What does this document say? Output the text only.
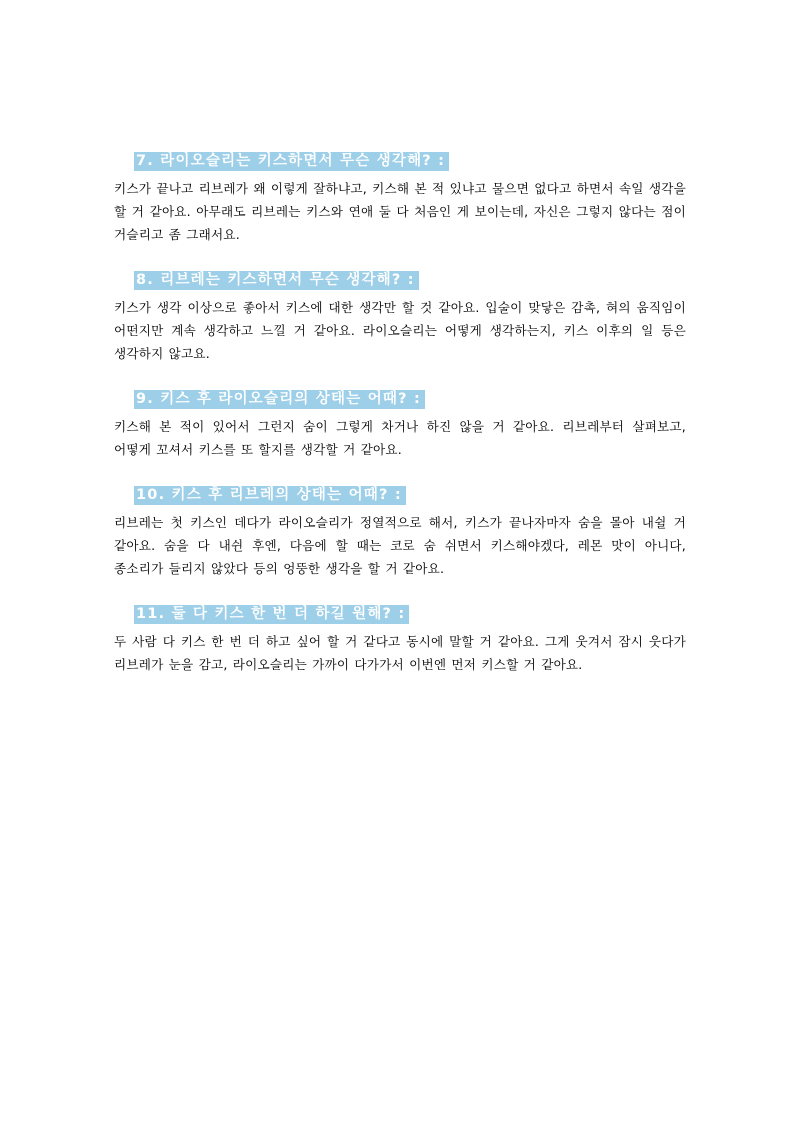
7. 라이오슬리는 키스하면서 무슨 생각해? :

키스가 끝나고 리브레가 왜 이렇게 잘하냐고, 키스해 본 적 있냐고 물으면 없다고 하면서 속일 생각을 할 거 같아요. 아무래도 리브레는 키스와 연애 둘 다 처음인 게 보이는데, 자신은 그렇지 않다는 점이 거슬리고 좀 그래서요.

8. 리브레는 키스하면서 무슨 생각해? :

키스가 생각 이상으로 좋아서 키스에 대한 생각만 할 것 같아요. 입술이 맞닿은 감촉, 혀의 움직임이 어떤지만 계속 생각하고 느낄 거 같아요. 라이오슬리는 어떻게 생각하는지, 키스 이후의 일 등은 생각하지 않고요.

9. 키스 후 라이오슬리의 상태는 어때? :

키스해 본 적이 있어서 그런지 숨이 그렇게 차거나 하진 않을 거 같아요. 리브레부터 살펴보고, 어떻게 꼬셔서 키스를 또 할지를 생각할 거 같아요.

10. 키스 후 리브레의 상태는 어때? :

리브레는 첫 키스인 데다가 라이오슬리가 정열적으로 해서, 키스가 끝나자마자 숨을 몰아 내쉴 거 같아요. 숨을 다 내쉰 후엔, 다음에 할 때는 코로 숨 쉬면서 키스해야겠다, 레몬 맛이 아니다, 종소리가 들리지 않았다 등의 엉뚱한 생각을 할 거 같아요.

11. 둘 다 키스 한 번 더 하길 원해? :

두 사람 다 키스 한 번 더 하고 싶어 할 거 같다고 동시에 말할 거 같아요. 그게 웃겨서 잠시 웃다가 리브레가 눈을 감고, 라이오슬리는 가까이 다가가서 이번엔 먼저 키스할 거 같아요.
